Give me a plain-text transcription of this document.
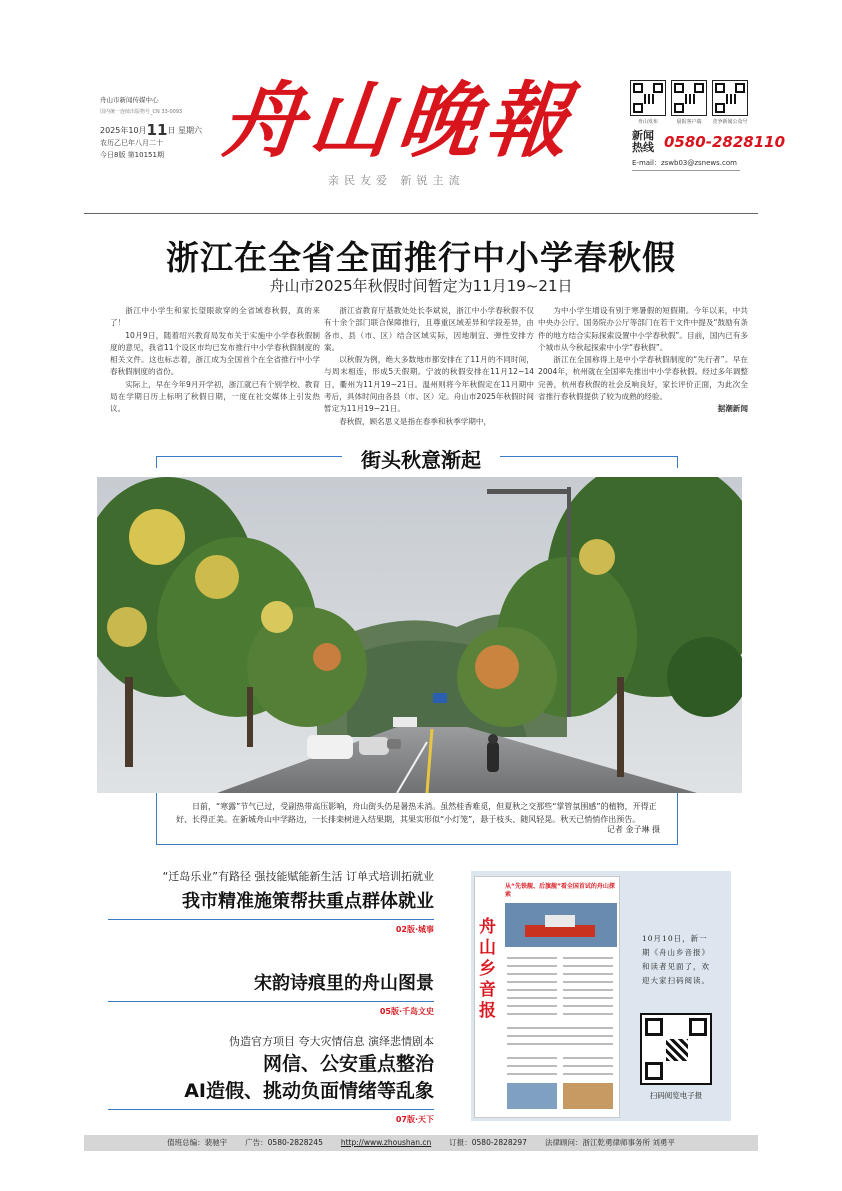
舟山市新闻传媒中心
国内统一连续出版物号_CN 33-0093
2025年10月11日 星期六
农历乙巳年八月二十
今日8版 第10151期 舟山晚報
亲民友爱 新锐主流
舟山发布	晨报客户端	竞争新闻公众号
新闻热线 0580-2828110
E-mail：zswb03@zsnews.com
浙江在全省全面推行中小学春秋假
舟山市2025年秋假时间暂定为11月19~21日

浙江中小学生和家长望眼欲穿的全省域春秋假，真的来了！

10月9日，随着绍兴教育局发布关于实施中小学春秋假制度的意见，我省11个设区市均已发布推行中小学春秋假制度的相关文件。这也标志着，浙江成为全国首个在全省推行中小学春秋假制度的省份。

实际上，早在今年9月开学初，浙江就已有个别学校、教育局在学期日历上标明了秋假日期，一度在社交媒体上引发热议。

浙江省教育厅基教处处长李斌说，浙江中小学春秋假不仅有十余个部门联合保障推行，且尊重区域差异和学段差异，由各市、县（市、区）结合区域实际，因地制宜、弹性安排方案。

以秋假为例，绝大多数地市都安排在了11月的不同时间，与周末相连，形成5天假期。宁波的秋假安排在11月12~14日，衢州为11月19~21日。温州则将今年秋假定在11月期中考后，具体时间由各县（市、区）定。舟山市2025年秋假时间暂定为11月19~21日。

春秋假，顾名思义是指在春季和秋季学期中，

为中小学生增设有别于寒暑假的短假期。今年以来，中共中央办公厅、国务院办公厅等部门在若干文件中提及“鼓励有条件的地方结合实际探索设置中小学春秋假”。目前，国内已有多个城市从今秋起探索中小学“春秋假”。

浙江在全国称得上是中小学春秋假制度的“先行者”。早在2004年，杭州就在全国率先推出中小学春秋假。经过多年调整完善，杭州春秋假的社会反响良好，家长评价正面，为此次全省推行春秋假提供了较为成熟的经验。

据潮新闻

街头秋意渐起
日前，“寒露”节气已过，受副热带高压影响，舟山街头仍是暑热未消。虽然桂香难觅，但夏秋之交那些“掌管氛围感”的植物，开得正好、长得正美。在新城舟山中学路边，一长排栾树进入结果期，其果实形似“小灯笼”，悬于枝头、随风轻晃。秋天已悄悄作出预告。
记者 金子琳 摄
“迁岛乐业”有路径 强技能赋能新生活 订单式培训拓就业
我市精准施策帮扶重点群体就业
02版·城事
宋韵诗痕里的舟山图景
05版·千岛文史
伪造官方项目 夸大灾情信息 演绎悲情剧本
网信、公安重点整治
AI造假、挑动负面情绪等乱象
07版·天下
从“先铁舰、后旗舰”看全国首试的舟山探索
舟山乡音报
10月10日，新一期《舟山乡音报》和读者见面了，欢迎大家扫码阅读。
扫码阅览电子报
值班总编：裴驰宇 广告：0580-2828245 http://www.zhoushan.cn 订报：0580-2828297 法律顾问：浙江乾勇律师事务所 刘勇平
